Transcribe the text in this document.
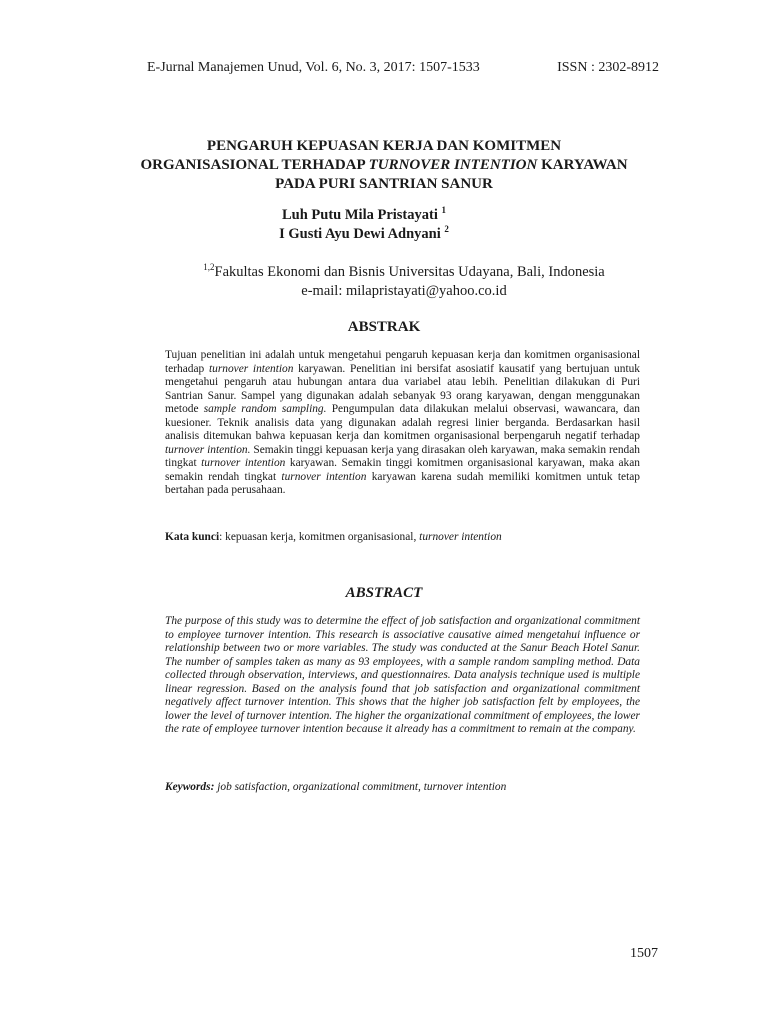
E-Jurnal Manajemen Unud, Vol. 6, No. 3, 2017: 1507-1533	ISSN : 2302-8912
PENGARUH KEPUASAN KERJA DAN KOMITMEN
ORGANISASIONAL TERHADAP TURNOVER INTENTION KARYAWAN
PADA PURI SANTRIAN SANUR
Luh Putu Mila Pristayati $^1$
I Gusti Ayu Dewi Adnyani $^2$
$^{1,2}$Fakultas Ekonomi dan Bisnis Universitas Udayana, Bali, Indonesia
e-mail: milapristayati@yahoo.co.id
ABSTRAK
Tujuan penelitian ini adalah untuk mengetahui pengaruh kepuasan kerja dan komitmen organisasional terhadap turnover intention karyawan. Penelitian ini bersifat asosiatif kausatif yang bertujuan untuk mengetahui pengaruh atau hubungan antara dua variabel atau lebih. Penelitian dilakukan di Puri Santrian Sanur. Sampel yang digunakan adalah sebanyak 93 orang karyawan, dengan menggunakan metode sample random sampling. Pengumpulan data dilakukan melalui observasi, wawancara, dan kuesioner. Teknik analisis data yang digunakan adalah regresi linier berganda. Berdasarkan hasil analisis ditemukan bahwa kepuasan kerja dan komitmen organisasional berpengaruh negatif terhadap turnover intention. Semakin tinggi kepuasan kerja yang dirasakan oleh karyawan, maka semakin rendah tingkat turnover intention karyawan. Semakin tinggi komitmen organisasional karyawan, maka akan semakin rendah tingkat turnover intention karyawan karena sudah memiliki komitmen untuk tetap bertahan pada perusahaan.
Kata kunci: kepuasan kerja, komitmen organisasional, turnover intention
ABSTRACT
The purpose of this study was to determine the effect of job satisfaction and organizational commitment to employee turnover intention. This research is associative causative aimed mengetahui influence or relationship between two or more variables. The study was conducted at the Sanur Beach Hotel Sanur. The number of samples taken as many as 93 employees, with a sample random sampling method. Data collected through observation, interviews, and questionnaires. Data analysis technique used is multiple linear regression. Based on the analysis found that job satisfaction and organizational commitment negatively affect turnover intention. This shows that the higher job satisfaction felt by employees, the lower the level of turnover intention. The higher the organizational commitment of employees, the lower the rate of employee turnover intention because it already has a commitment to remain at the company.
Keywords: job satisfaction, organizational commitment, turnover intention
1507
